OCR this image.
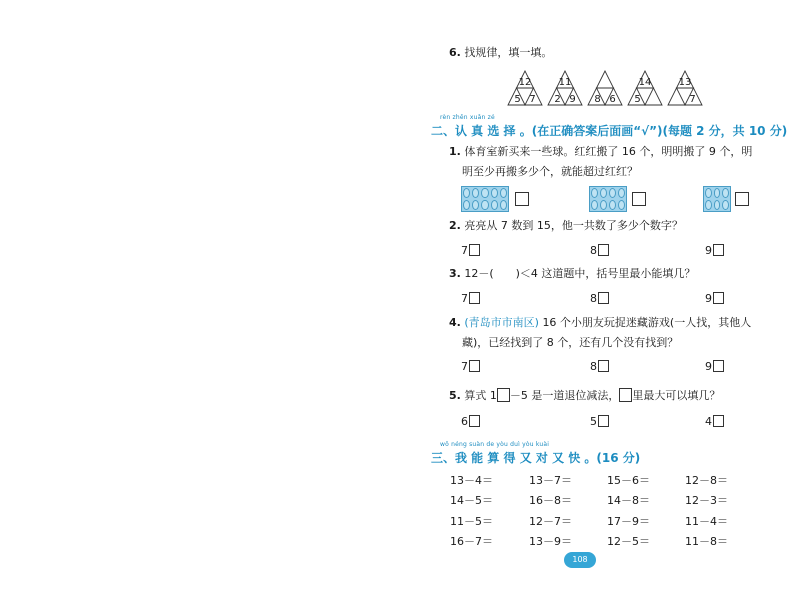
6. 找规律，填一填。
12
5 7
11
2 9 8 6
14
5
13
7
rèn zhēn xuǎn zé
二、认 真 选 择 。(在正确答案后面画“√”)(每题 2 分，共 10 分)
1. 体育室新买来一些球。红红搬了 16 个，明明搬了 9 个，明
明至少再搬多少个，就能超过红红？
2. 亮亮从 7 数到 15，他一共数了多少个数字？
7	8	9
3. 12－(　　)＜4 这道题中，括号里最小能填几？
7	8	9
4. (青岛市市南区) 16 个小朋友玩捉迷藏游戏(一人找，其他人
藏)，已经找到了 8 个，还有几个没有找到？
7	8	9
5. 算式 1 －5 是一道退位减法， 里最大可以填几？
6	5	4
wǒ néng suàn de yòu duì yòu kuài
三、我 能 算 得 又 对 又 快 。(16 分)
13－4＝	13－7＝	15－6＝	12－8＝
14－5＝	16－8＝	14－8＝	12－3＝
11－5＝	12－7＝	17－9＝	11－4＝
16－7＝	13－9＝	12－5＝	11－8＝
108
